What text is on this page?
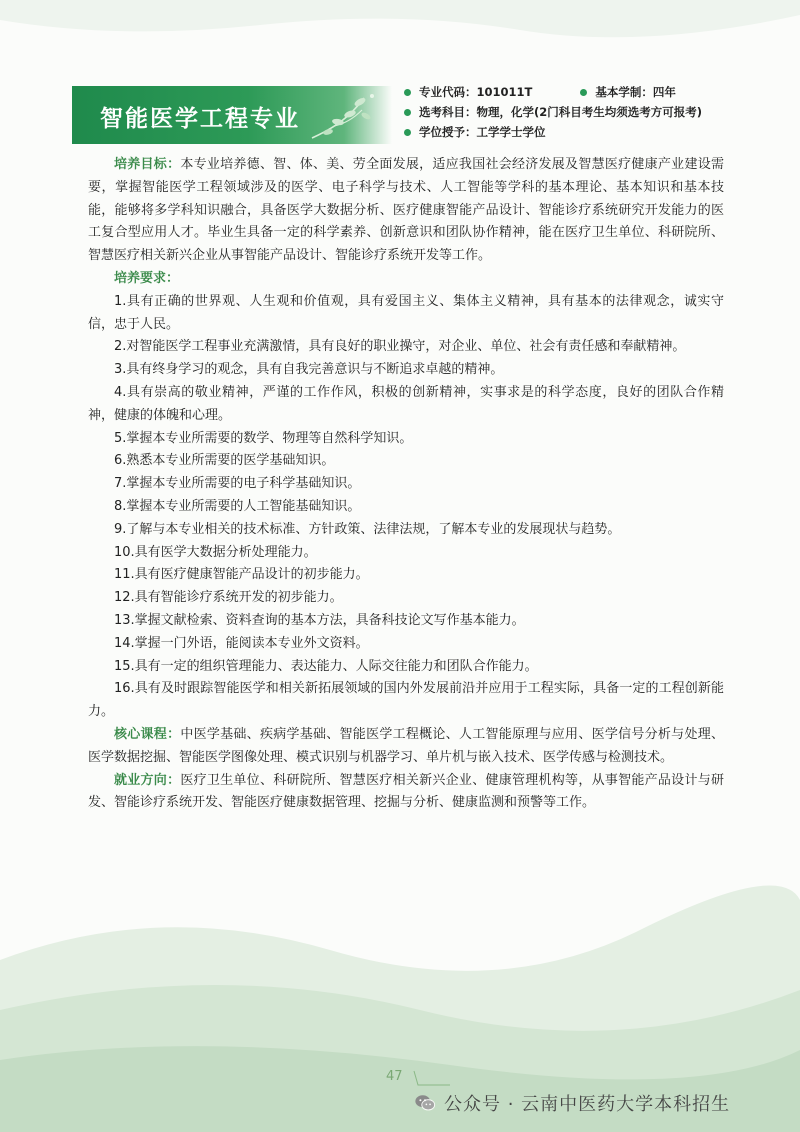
智能医学工程专业
专业代码： 101011T	基本学制： 四年
选考科目： 物理，化学(2门科目考生均须选考方可报考)
学位授予： 工学学士学位

培养目标：本专业培养德、智、体、美、劳全面发展，适应我国社会经济发展及智慧医疗健康产业建设需要，掌握智能医学工程领域涉及的医学、电子科学与技术、人工智能等学科的基本理论、基本知识和基本技能，能够将多学科知识融合，具备医学大数据分析、医疗健康智能产品设计、智能诊疗系统研究开发能力的医工复合型应用人才。毕业生具备一定的科学素养、创新意识和团队协作精神，能在医疗卫生单位、科研院所、智慧医疗相关新兴企业从事智能产品设计、智能诊疗系统开发等工作。

培养要求：

1.具有正确的世界观、人生观和价值观，具有爱国主义、集体主义精神，具有基本的法律观念，诚实守信，忠于人民。

2.对智能医学工程事业充满激情，具有良好的职业操守，对企业、单位、社会有责任感和奉献精神。

3.具有终身学习的观念，具有自我完善意识与不断追求卓越的精神。

4.具有崇高的敬业精神，严谨的工作作风，积极的创新精神，实事求是的科学态度，良好的团队合作精神，健康的体魄和心理。

5.掌握本专业所需要的数学、物理等自然科学知识。

6.熟悉本专业所需要的医学基础知识。

7.掌握本专业所需要的电子科学基础知识。

8.掌握本专业所需要的人工智能基础知识。

9.了解与本专业相关的技术标准、方针政策、法律法规，了解本专业的发展现状与趋势。

10.具有医学大数据分析处理能力。

11.具有医疗健康智能产品设计的初步能力。

12.具有智能诊疗系统开发的初步能力。

13.掌握文献检索、资料查询的基本方法，具备科技论文写作基本能力。

14.掌握一门外语，能阅读本专业外文资料。

15.具有一定的组织管理能力、表达能力、人际交往能力和团队合作能力。

16.具有及时跟踪智能医学和相关新拓展领域的国内外发展前沿并应用于工程实际，具备一定的工程创新能力。

核心课程：中医学基础、疾病学基础、智能医学工程概论、人工智能原理与应用、医学信号分析与处理、医学数据挖掘、智能医学图像处理、模式识别与机器学习、单片机与嵌入技术、医学传感与检测技术。

就业方向：医疗卫生单位、科研院所、智慧医疗相关新兴企业、健康管理机构等，从事智能产品设计与研发、智能诊疗系统开发、智能医疗健康数据管理、挖掘与分析、健康监测和预警等工作。

47
公众号 · 云南中医药大学本科招生
